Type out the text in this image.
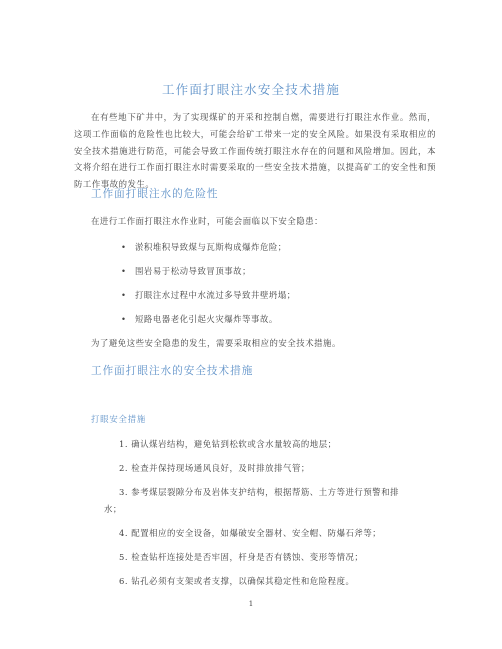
工作面打眼注水安全技术措施
在有些地下矿井中，为了实现煤矿的开采和控制自燃，需要进行打眼注水作业。然而，这项工作面临的危险性也比较大，可能会给矿工带来一定的安全风险。如果没有采取相应的安全技术措施进行防范，可能会导致工作面传统打眼注水存在的问题和风险增加。因此，本文将介绍在进行工作面打眼注水时需要采取的一些安全技术措施，以提高矿工的安全性和预防工作事故的发生。
工作面打眼注水的危险性
在进行工作面打眼注水作业时，可能会面临以下安全隐患：
• 淤积堆积导致煤与瓦斯构成爆炸危险；
• 围岩易于松动导致冒顶事故；
• 打眼注水过程中水流过多导致井壁坍塌；
• 短路电器老化引起火灾爆炸等事故。
为了避免这些安全隐患的发生，需要采取相应的安全技术措施。
工作面打眼注水的安全技术措施
打眼安全措施
1. 确认煤岩结构，避免钻到松软或含水量较高的地层；
2. 检查并保持现场通风良好，及时排放排气管；
3. 参考煤层裂隙分布及岩体支护结构，根据帮筋、土方等进行预警和排
水；
4. 配置相应的安全设备，如爆破安全器材、安全帽、防爆石斧等；
5. 检查钻杆连接处是否牢固，杆身是否有锈蚀、变形等情况；
6. 钻孔必须有支架或者支撑，以确保其稳定性和危险程度。
1
